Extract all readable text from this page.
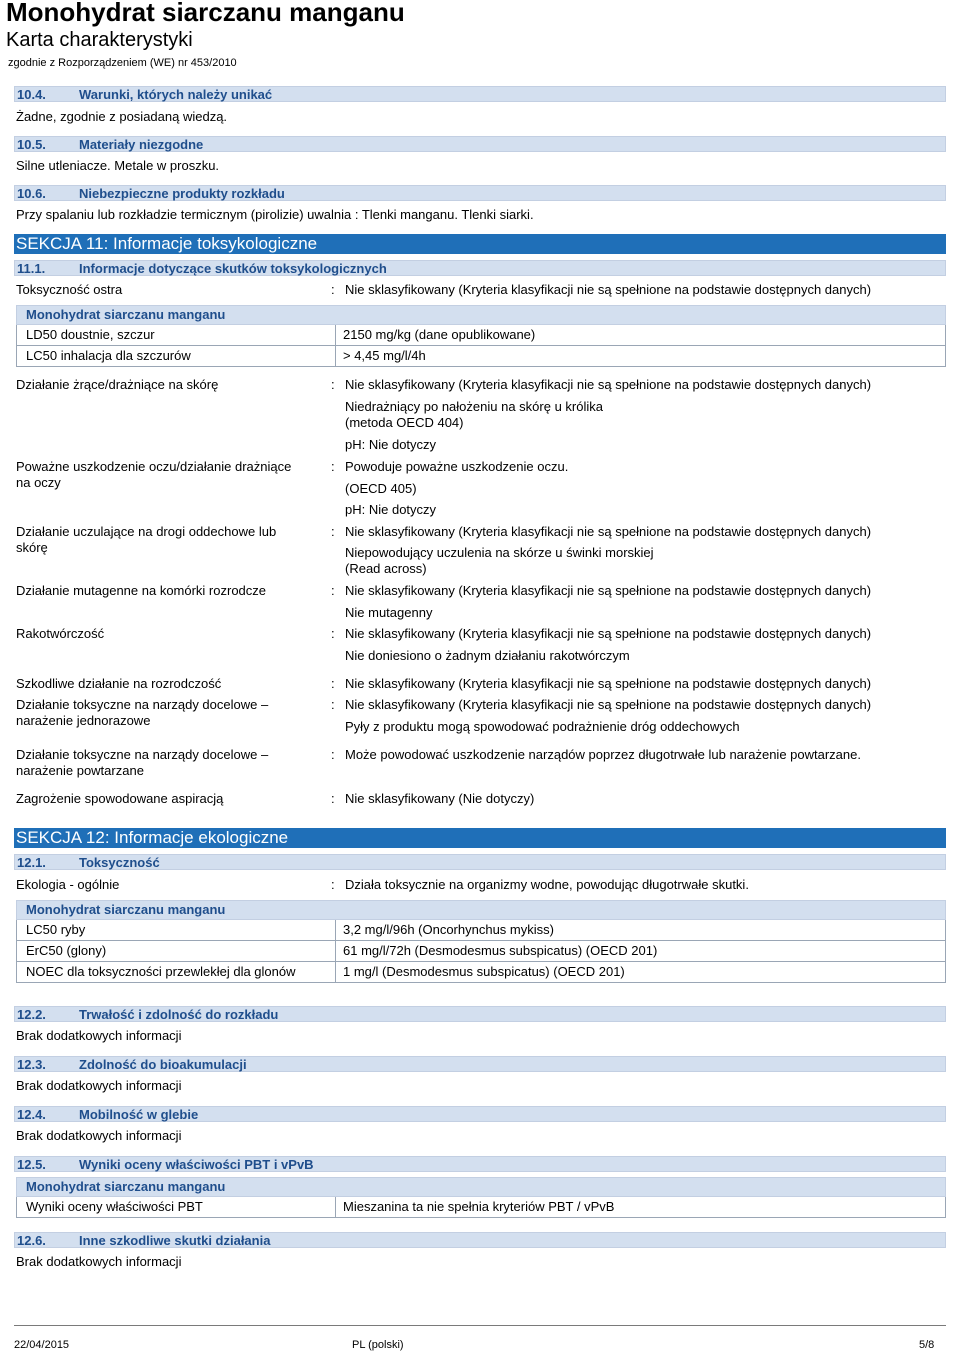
Monohydrat siarczanu manganu
Karta charakterystyki
zgodnie z Rozporządzeniem (WE) nr 453/2010
10.4.	Warunki, których należy unikać
Żadne, zgodnie z posiadaną wiedzą.
10.5.	Materiały niezgodne
Silne utleniacze. Metale w proszku.
10.6.	Niebezpieczne produkty rozkładu
Przy spalaniu lub rozkładzie termicznym (pirolizie) uwalnia : Tlenki manganu. Tlenki siarki.
SEKCJA 11: Informacje toksykologiczne
11.1.	Informacje dotyczące skutków toksykologicznych
Toksyczność ostra	: Nie sklasyfikowany (Kryteria klasyfikacji nie są spełnione na podstawie dostępnych danych)
Monohydrat siarczanu manganu
LD50 doustnie, szczur	2150 mg/kg (dane opublikowane)
LC50 inhalacja dla szczurów	> 4,45 mg/l/4h
Działanie żrące/drażniące na skórę	: Nie sklasyfikowany (Kryteria klasyfikacji nie są spełnione na podstawie dostępnych danych)
Niedrażniący po nałożeniu na skórę u królika
(metoda OECD 404)
pH: Nie dotyczy
Poważne uszkodzenie oczu/działanie drażniące
na oczy
: Powoduje poważne uszkodzenie oczu.
(OECD 405)
pH: Nie dotyczy
Działanie uczulające na drogi oddechowe lub
skórę
: Nie sklasyfikowany (Kryteria klasyfikacji nie są spełnione na podstawie dostępnych danych)
Niepowodujący uczulenia na skórze u świnki morskiej
(Read across)
Działanie mutagenne na komórki rozrodcze	: Nie sklasyfikowany (Kryteria klasyfikacji nie są spełnione na podstawie dostępnych danych)
Nie mutagenny
Rakotwórczość	: Nie sklasyfikowany (Kryteria klasyfikacji nie są spełnione na podstawie dostępnych danych)
Nie doniesiono o żadnym działaniu rakotwórczym
Szkodliwe działanie na rozrodczość	: Nie sklasyfikowany (Kryteria klasyfikacji nie są spełnione na podstawie dostępnych danych)
Działanie toksyczne na narządy docelowe –
narażenie jednorazowe
: Nie sklasyfikowany (Kryteria klasyfikacji nie są spełnione na podstawie dostępnych danych)
Pyły z produktu mogą spowodować podrażnienie dróg oddechowych
Działanie toksyczne na narządy docelowe –
narażenie powtarzane
: Może powodować uszkodzenie narządów poprzez długotrwałe lub narażenie powtarzane.
Zagrożenie spowodowane aspiracją	: Nie sklasyfikowany (Nie dotyczy)
SEKCJA 12: Informacje ekologiczne
12.1.	Toksyczność
Ekologia - ogólnie	: Działa toksycznie na organizmy wodne, powodując długotrwałe skutki.
Monohydrat siarczanu manganu
LC50 ryby	3,2 mg/l/96h (Oncorhynchus mykiss)
ErC50 (glony)	61 mg/l/72h (Desmodesmus subspicatus) (OECD 201)
NOEC dla toksyczności przewlekłej dla glonów	1 mg/l (Desmodesmus subspicatus) (OECD 201)
12.2.	Trwałość i zdolność do rozkładu
Brak dodatkowych informacji
12.3.	Zdolność do bioakumulacji
Brak dodatkowych informacji
12.4.	Mobilność w glebie
Brak dodatkowych informacji
12.5.	Wyniki oceny właściwości PBT i vPvB
Monohydrat siarczanu manganu
Wyniki oceny właściwości PBT	Mieszanina ta nie spełnia kryteriów PBT / vPvB
12.6.	Inne szkodliwe skutki działania
Brak dodatkowych informacji
22/04/2015	PL (polski)	5/8
